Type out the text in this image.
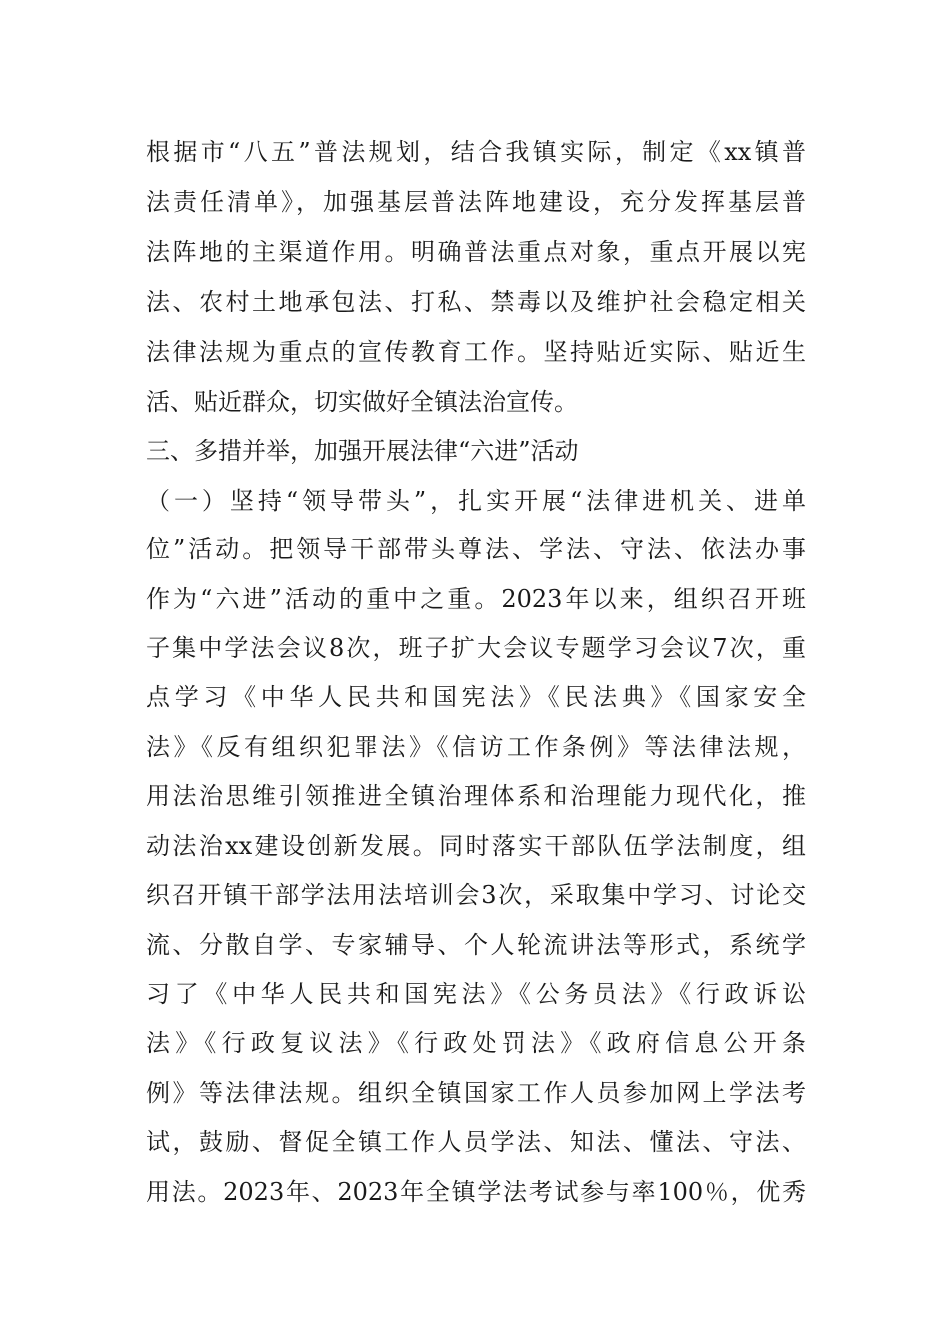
根据市“八五”普法规划，结合我镇实际，制定《xx镇普
法责任清单》，加强基层普法阵地建设，充分发挥基层普
法阵地的主渠道作用。明确普法重点对象，重点开展以宪
法、农村土地承包法、打私、禁毒以及维护社会稳定相关
法律法规为重点的宣传教育工作。坚持贴近实际、贴近生
活、贴近群众，切实做好全镇法治宣传。
三、多措并举，加强开展法律“六进”活动
（一）坚持“领导带头”，扎实开展“法律进机关、进单
位”活动。把领导干部带头尊法、学法、守法、依法办事
作为“六进”活动的重中之重。2023年以来，组织召开班
子集中学法会议8次，班子扩大会议专题学习会议7次，重
点学习《中华人民共和国宪法》《民法典》《国家安全
法》《反有组织犯罪法》《信访工作条例》等法律法规，
用法治思维引领推进全镇治理体系和治理能力现代化，推
动法治xx建设创新发展。同时落实干部队伍学法制度，组
织召开镇干部学法用法培训会3次，采取集中学习、讨论交
流、分散自学、专家辅导、个人轮流讲法等形式，系统学
习了《中华人民共和国宪法》《公务员法》《行政诉讼
法》《行政复议法》《行政处罚法》《政府信息公开条
例》等法律法规。组织全镇国家工作人员参加网上学法考
试，鼓励、督促全镇工作人员学法、知法、懂法、守法、
用法。2023年、2023年全镇学法考试参与率100％，优秀
